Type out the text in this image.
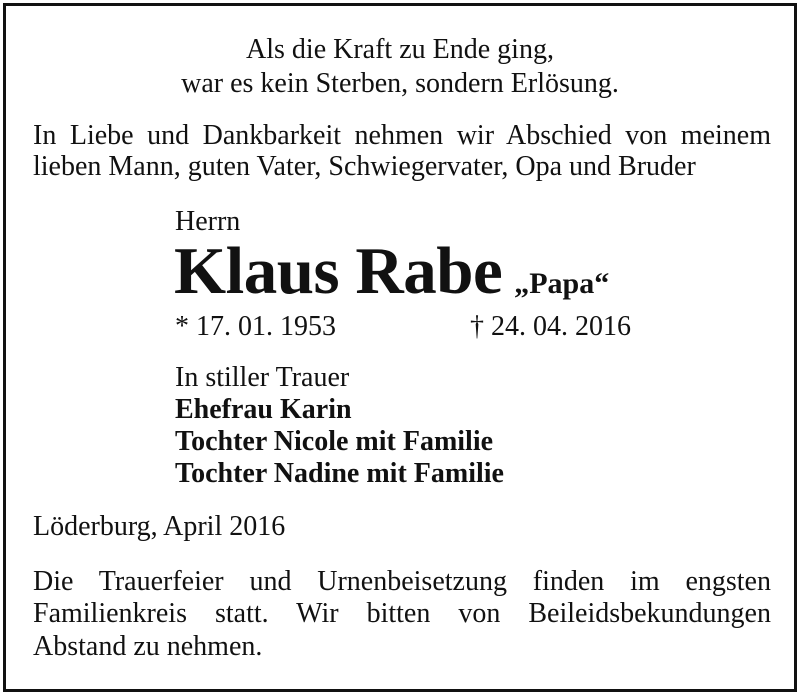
Als die Kraft zu Ende ging,
war es kein Sterben, sondern Erlösung.
In Liebe und Dankbarkeit nehmen wir Abschied von meinem
lieben Mann, guten Vater, Schwiegervater, Opa und Bruder
Herrn
Klaus Rabe „Papa“
* 17. 01. 1953	† 24. 04. 2016
In stiller Trauer
Ehefrau Karin
Tochter Nicole mit Familie
Tochter Nadine mit Familie
Löderburg, April 2016
Die Trauerfeier und Urnenbeisetzung finden im engsten
Familienkreis statt. Wir bitten von Beileidsbekundungen
Abstand zu nehmen.
